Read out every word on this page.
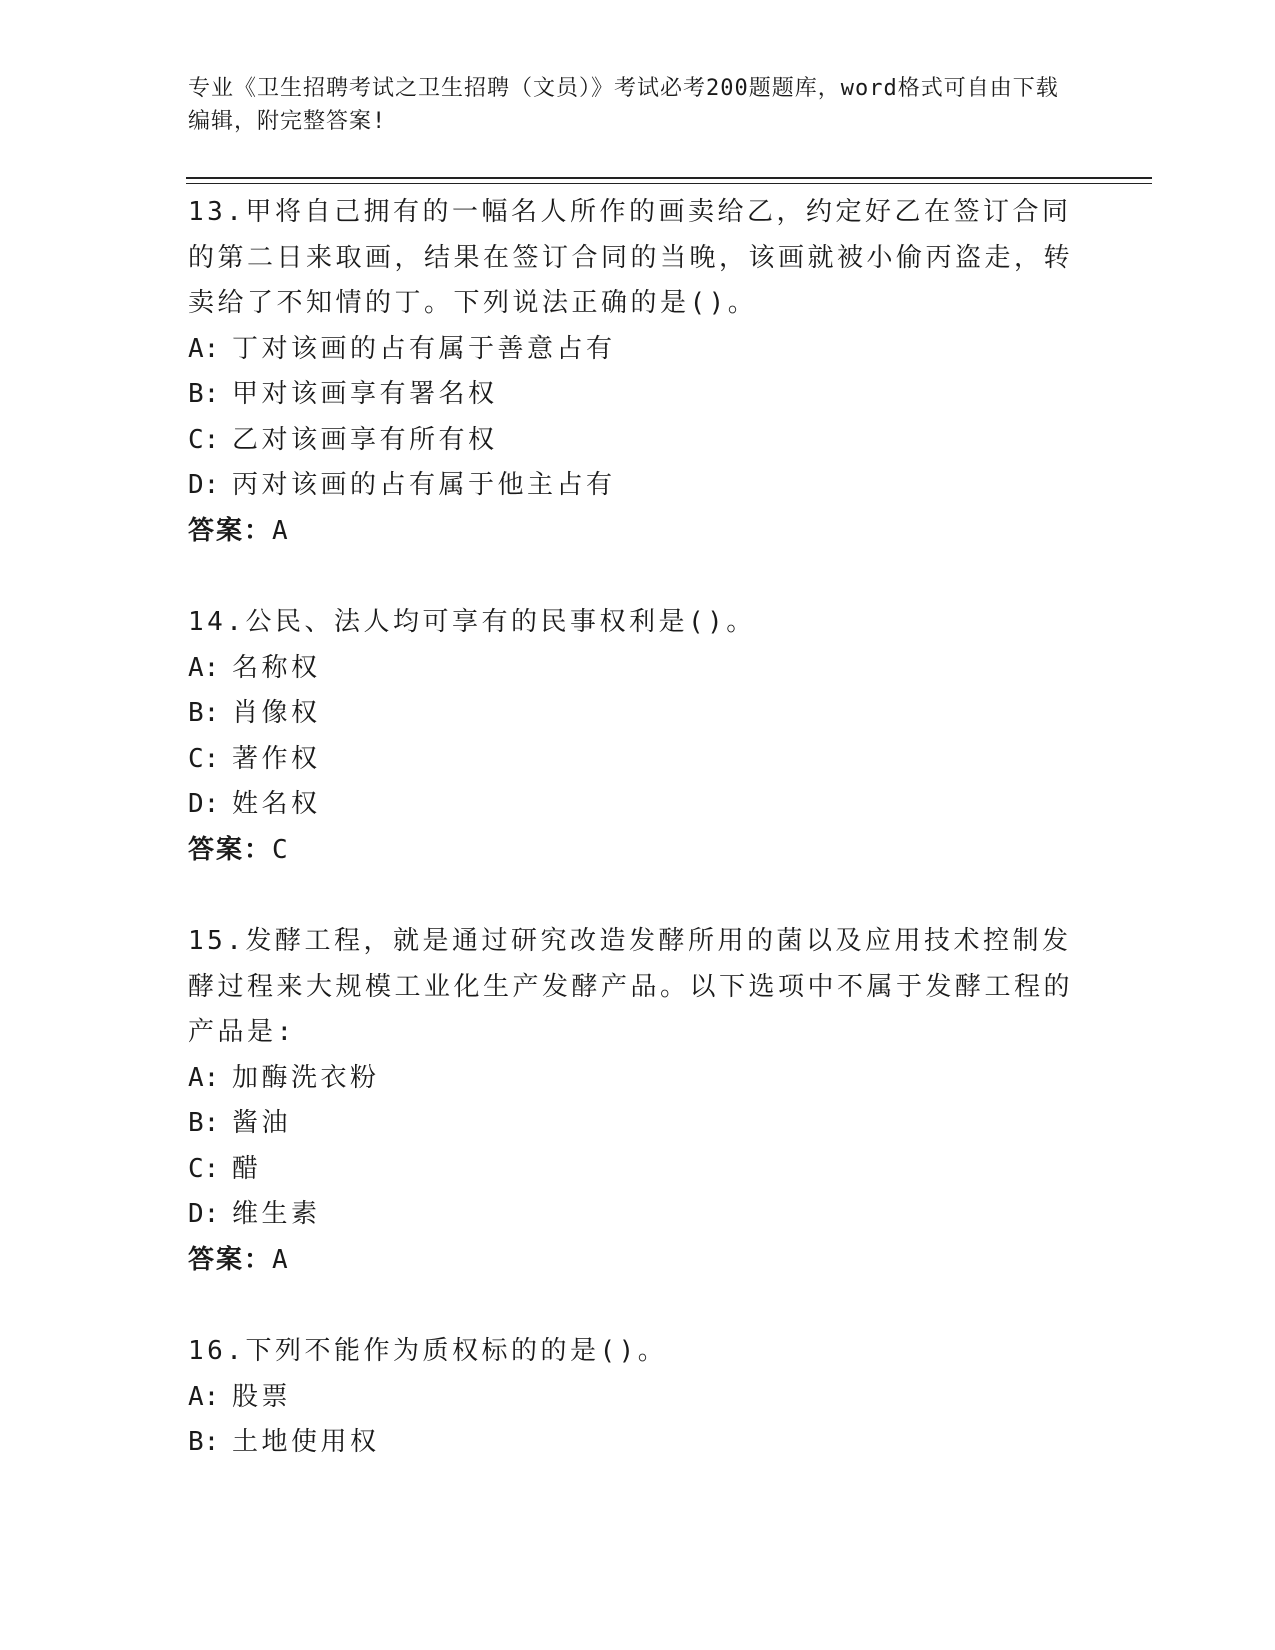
专业《卫生招聘考试之卫生招聘（文员）》考试必考200题题库，word格式可自由下载编辑，附完整答案!

13.甲将自己拥有的一幅名人所作的画卖给乙，约定好乙在签订合同的第二日来取画，结果在签订合同的当晚，该画就被小偷丙盗走，转卖给了不知情的丁。下列说法正确的是()。

A: 丁对该画的占有属于善意占有

B: 甲对该画享有署名权

C: 乙对该画享有所有权

D: 丙对该画的占有属于他主占有

答案：A

14.公民、法人均可享有的民事权利是()。

A: 名称权

B: 肖像权

C: 著作权

D: 姓名权

答案：C

15.发酵工程，就是通过研究改造发酵所用的菌以及应用技术控制发酵过程来大规模工业化生产发酵产品。以下选项中不属于发酵工程的产品是:

A: 加酶洗衣粉

B: 酱油

C: 醋

D: 维生素

答案：A

16.下列不能作为质权标的的是()。

A: 股票

B: 土地使用权
